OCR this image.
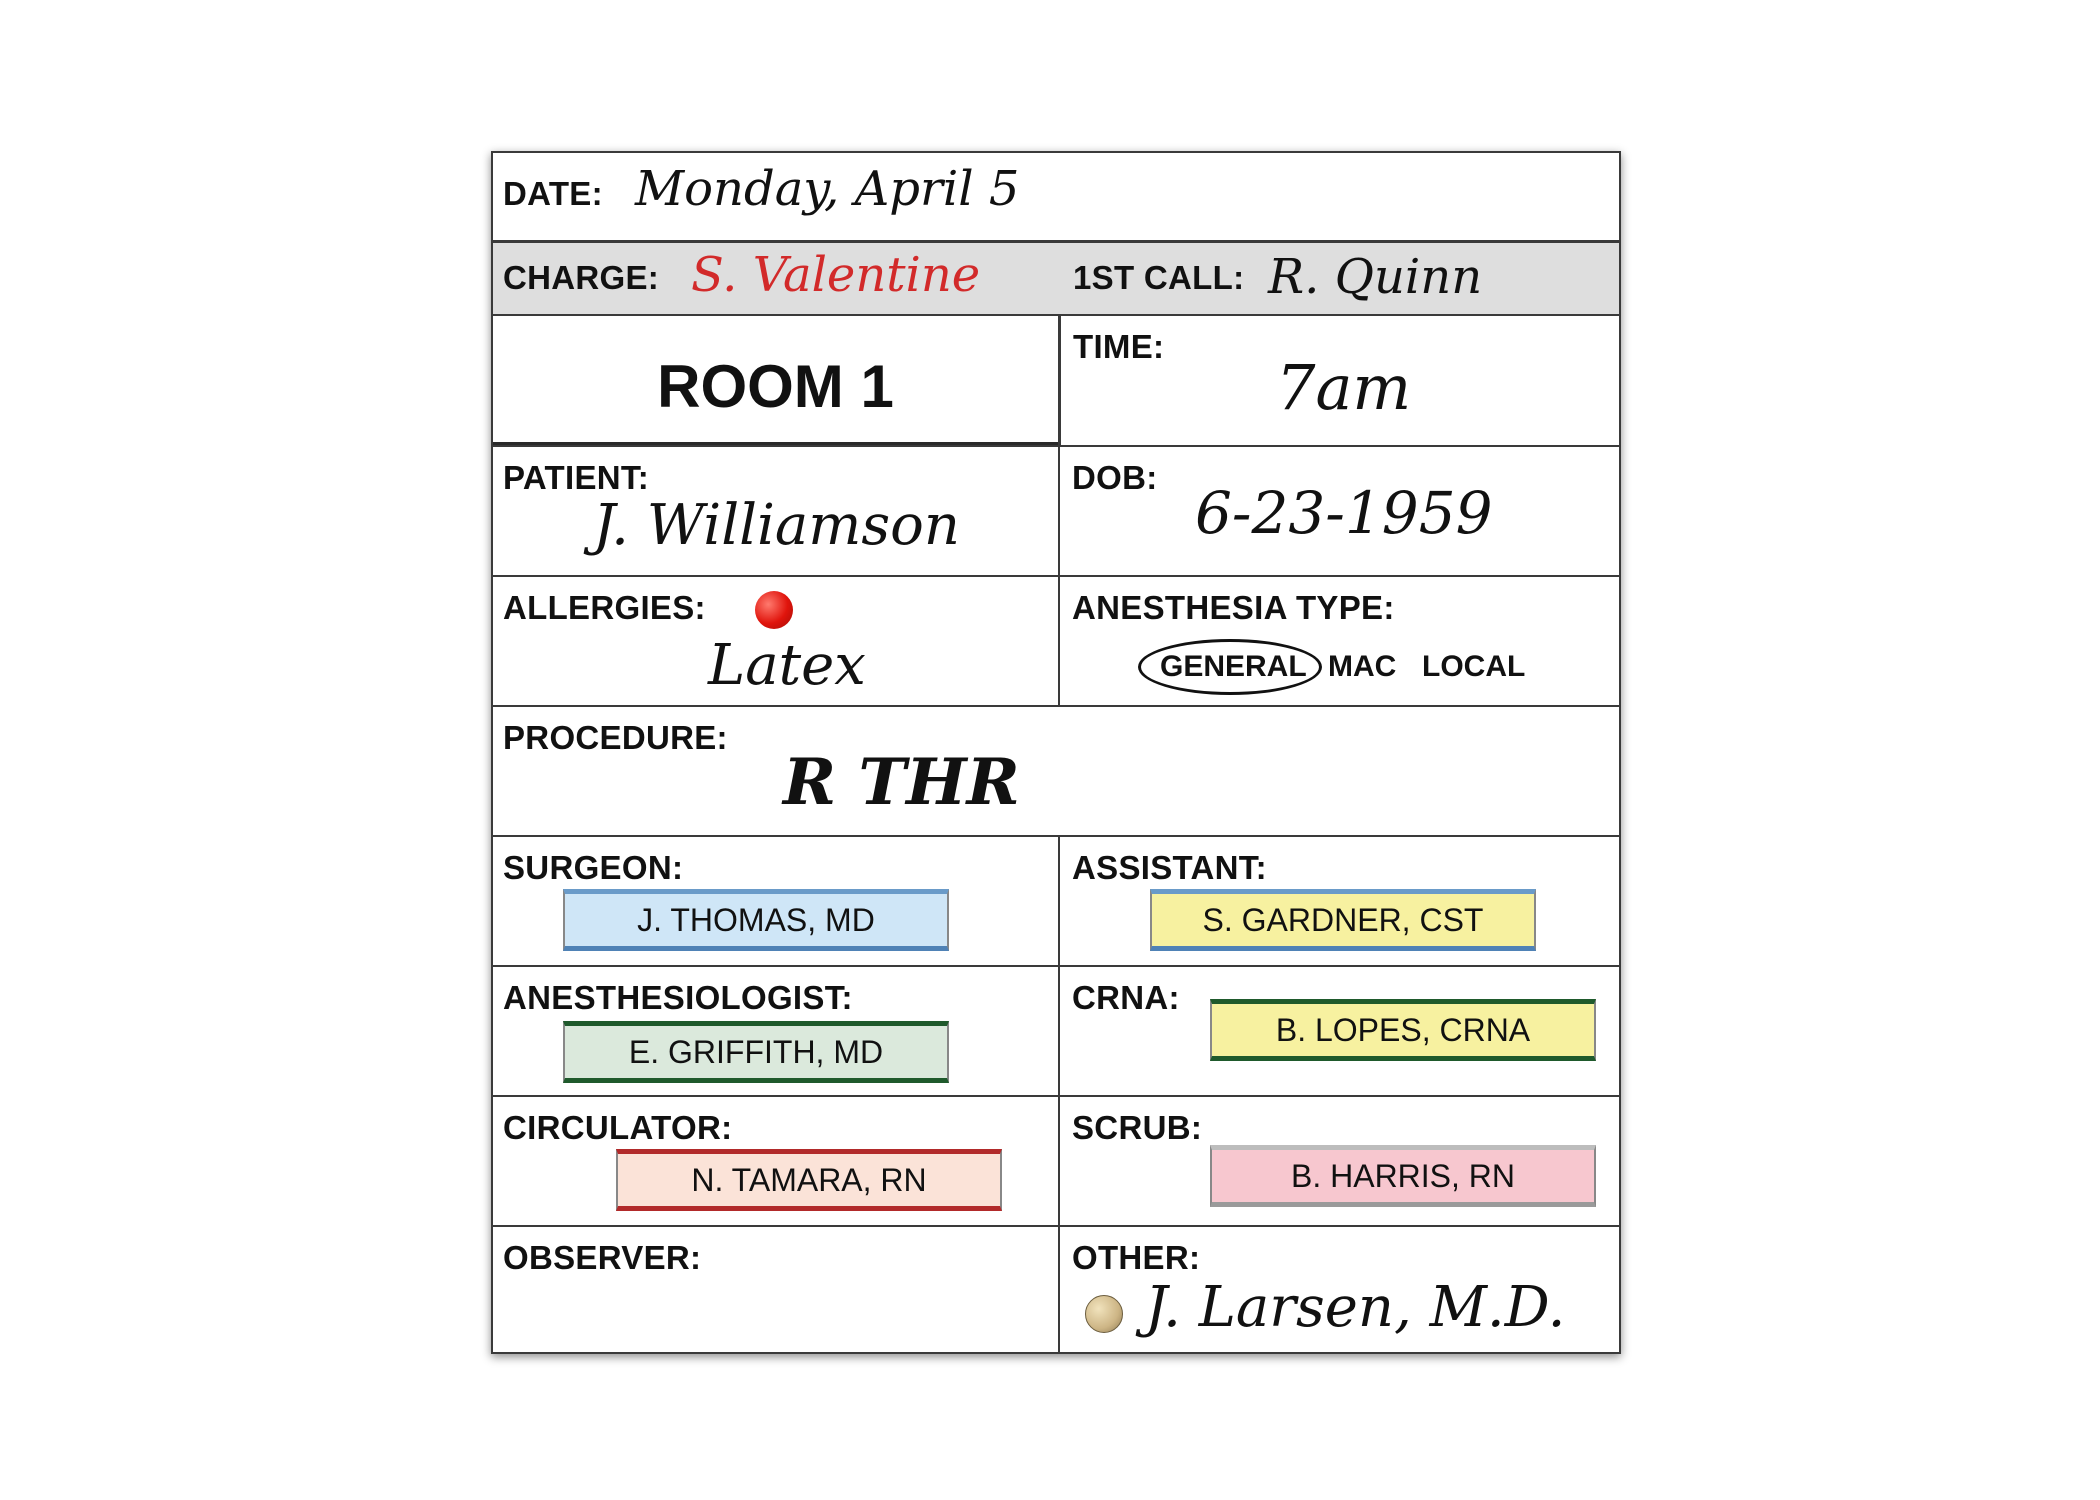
DATE: Monday, April 5
CHARGE: S. Valentine	1ST CALL: R. Quinn
ROOM 1
TIME:
7am
PATIENT:
J. Williamson
DOB:
6-23-1959
ALLERGIES:
Latex
ANESTHESIA TYPE:
GENERAL MAC LOCAL
PROCEDURE:
R THR
SURGEON:
J. THOMAS, MD
ASSISTANT:
S. GARDNER, CST
ANESTHESIOLOGIST:
E. GRIFFITH, MD
CRNA:
B. LOPES, CRNA
CIRCULATOR:
N. TAMARA, RN
SCRUB:
B. HARRIS, RN
OBSERVER:	OTHER:
J. Larsen, M.D.
